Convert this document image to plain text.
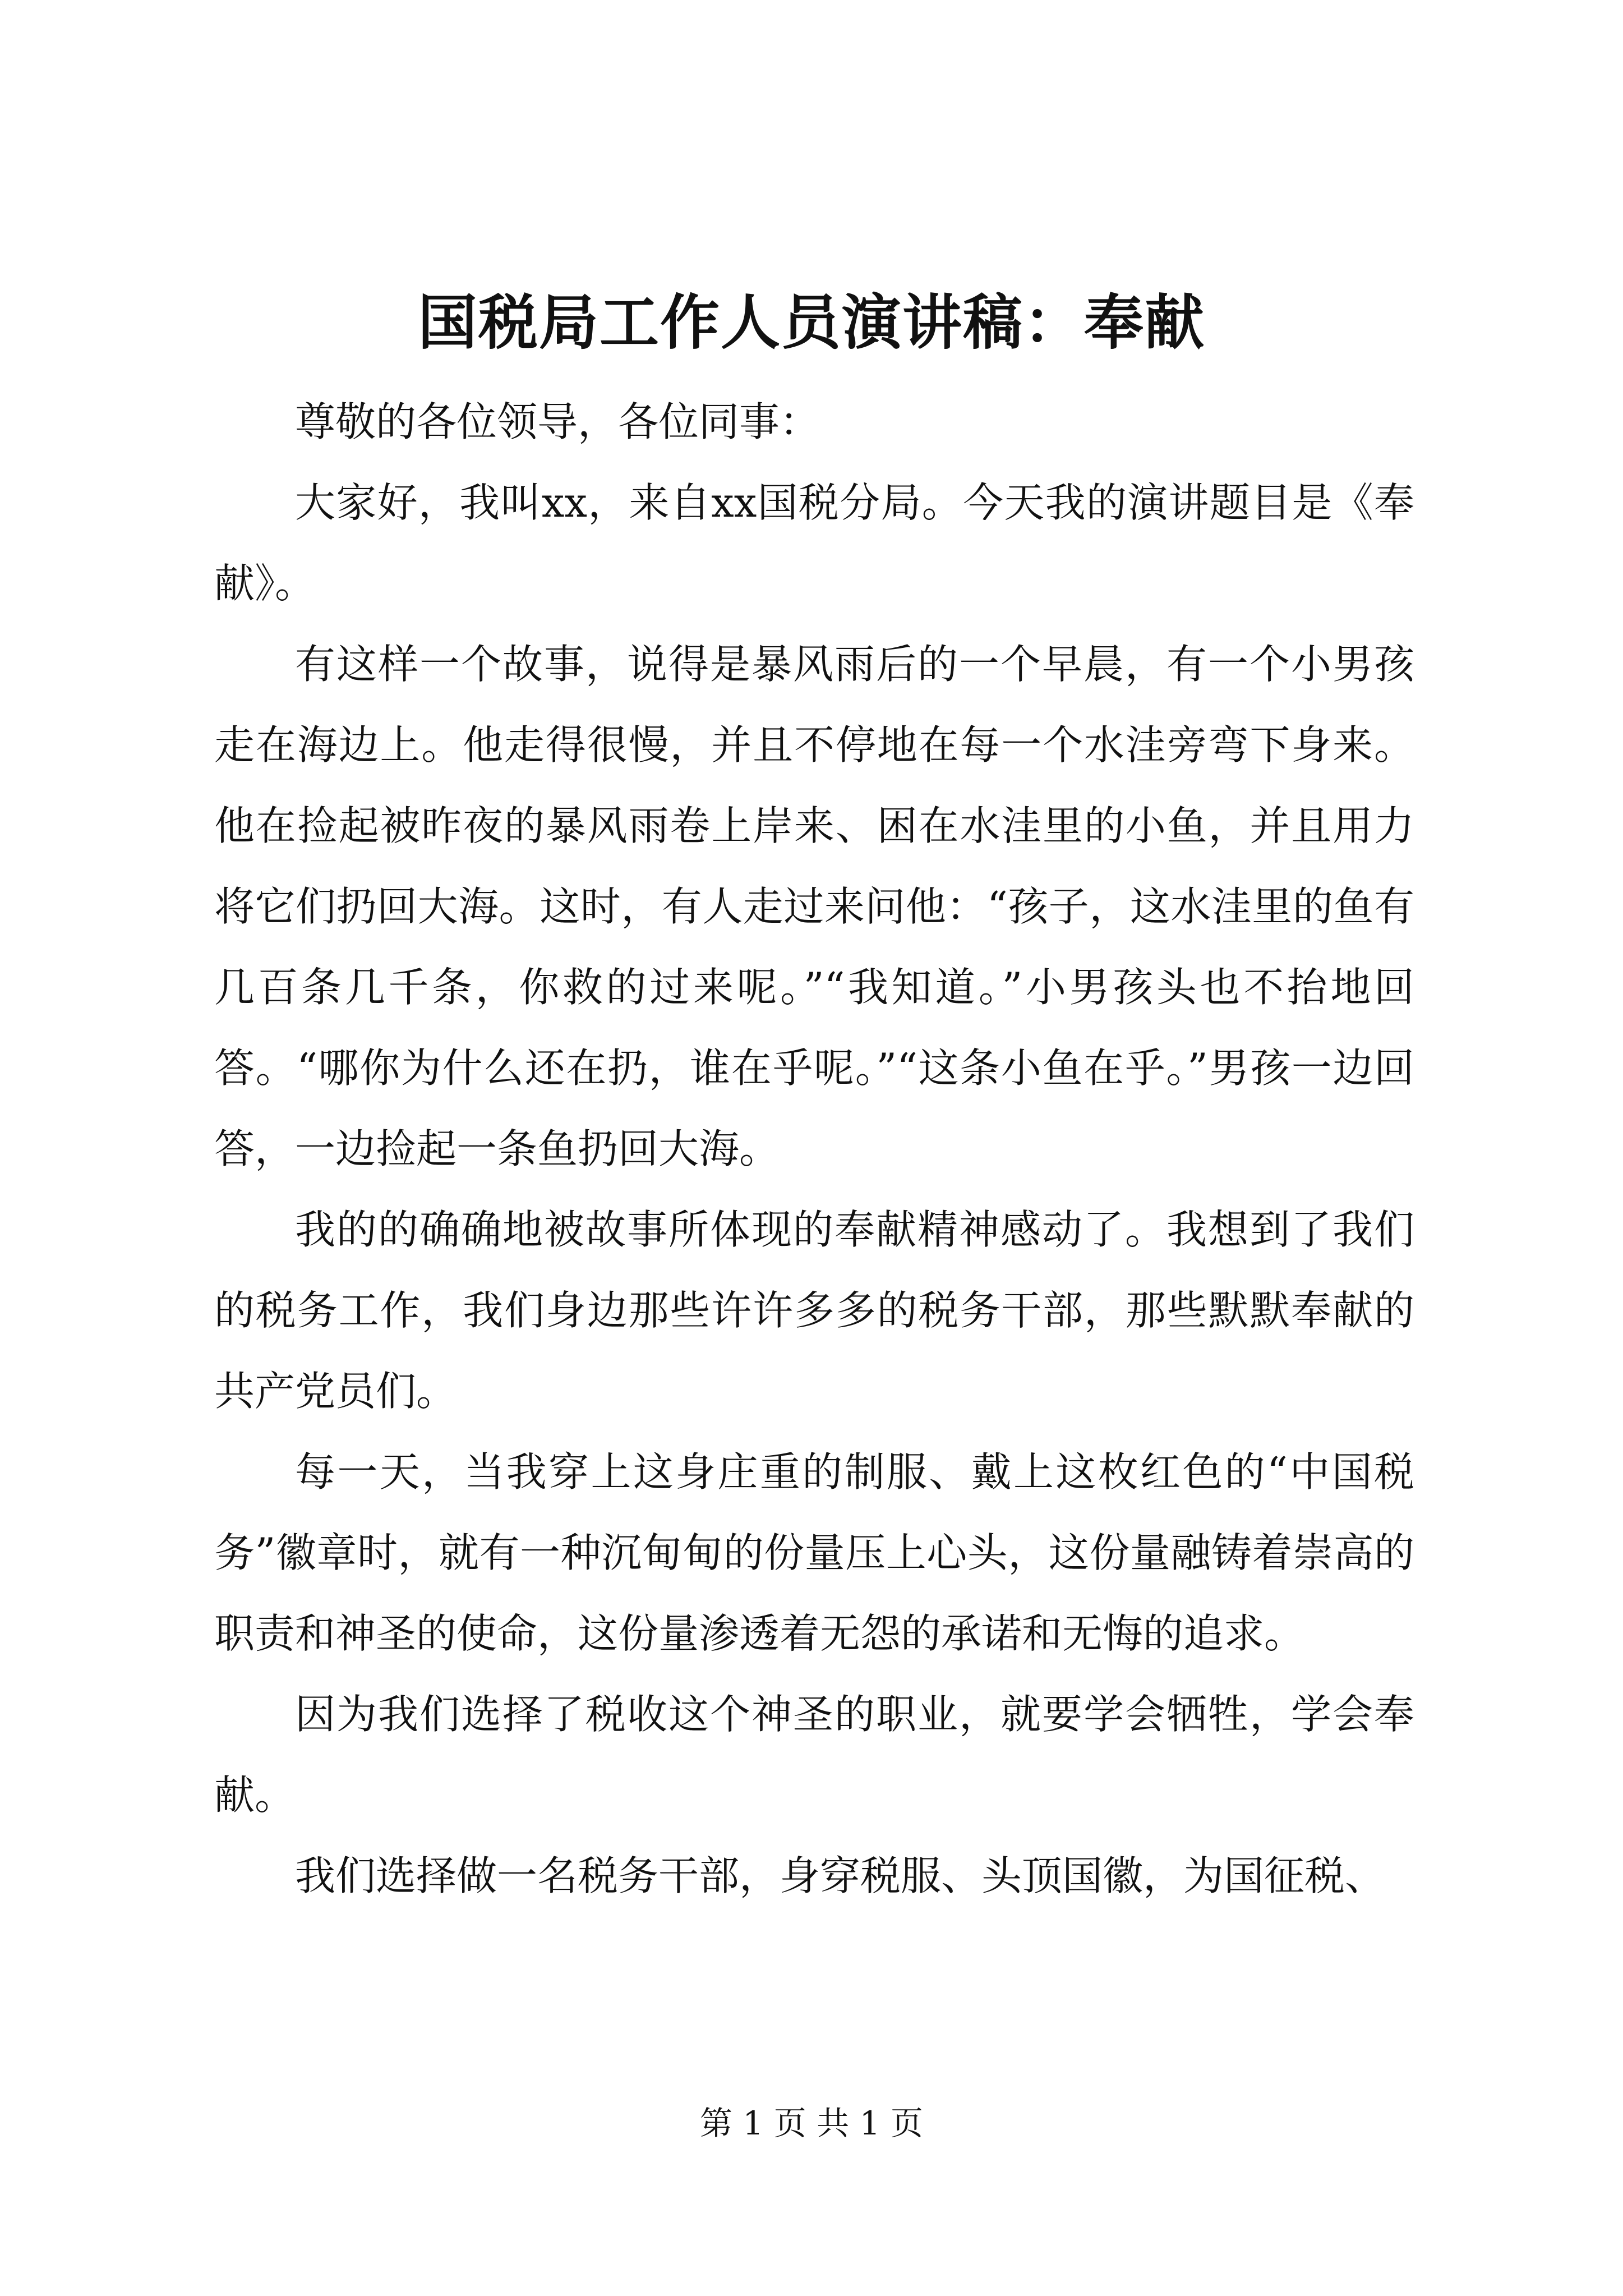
国税局工作人员演讲稿：奉献

尊敬的各位领导，各位同事：

大家好，我叫xx，来自xx国税分局。今天我的演讲题目是《奉献》。

有这样一个故事，说得是暴风雨后的一个早晨，有一个小男孩走在海边上。他走得很慢，并且不停地在每一个水洼旁弯下身来。他在捡起被昨夜的暴风雨卷上岸来、困在水洼里的小鱼，并且用力将它们扔回大海。这时，有人走过来问他：“孩子，这水洼里的鱼有几百条几千条，你救的过来呢。”“我知道。”小男孩头也不抬地回答。“哪你为什么还在扔，谁在乎呢。”“这条小鱼在乎。”男孩一边回答，一边捡起一条鱼扔回大海。

我的的确确地被故事所体现的奉献精神感动了。我想到了我们的税务工作，我们身边那些许许多多的税务干部，那些默默奉献的共产党员们。

每一天，当我穿上这身庄重的制服、戴上这枚红色的“中国税务”徽章时，就有一种沉甸甸的份量压上心头，这份量融铸着崇高的职责和神圣的使命，这份量渗透着无怨的承诺和无悔的追求。

因为我们选择了税收这个神圣的职业，就要学会牺牲，学会奉献。

我们选择做一名税务干部，身穿税服、头顶国徽，为国征税、

第 1 页 共 1 页
